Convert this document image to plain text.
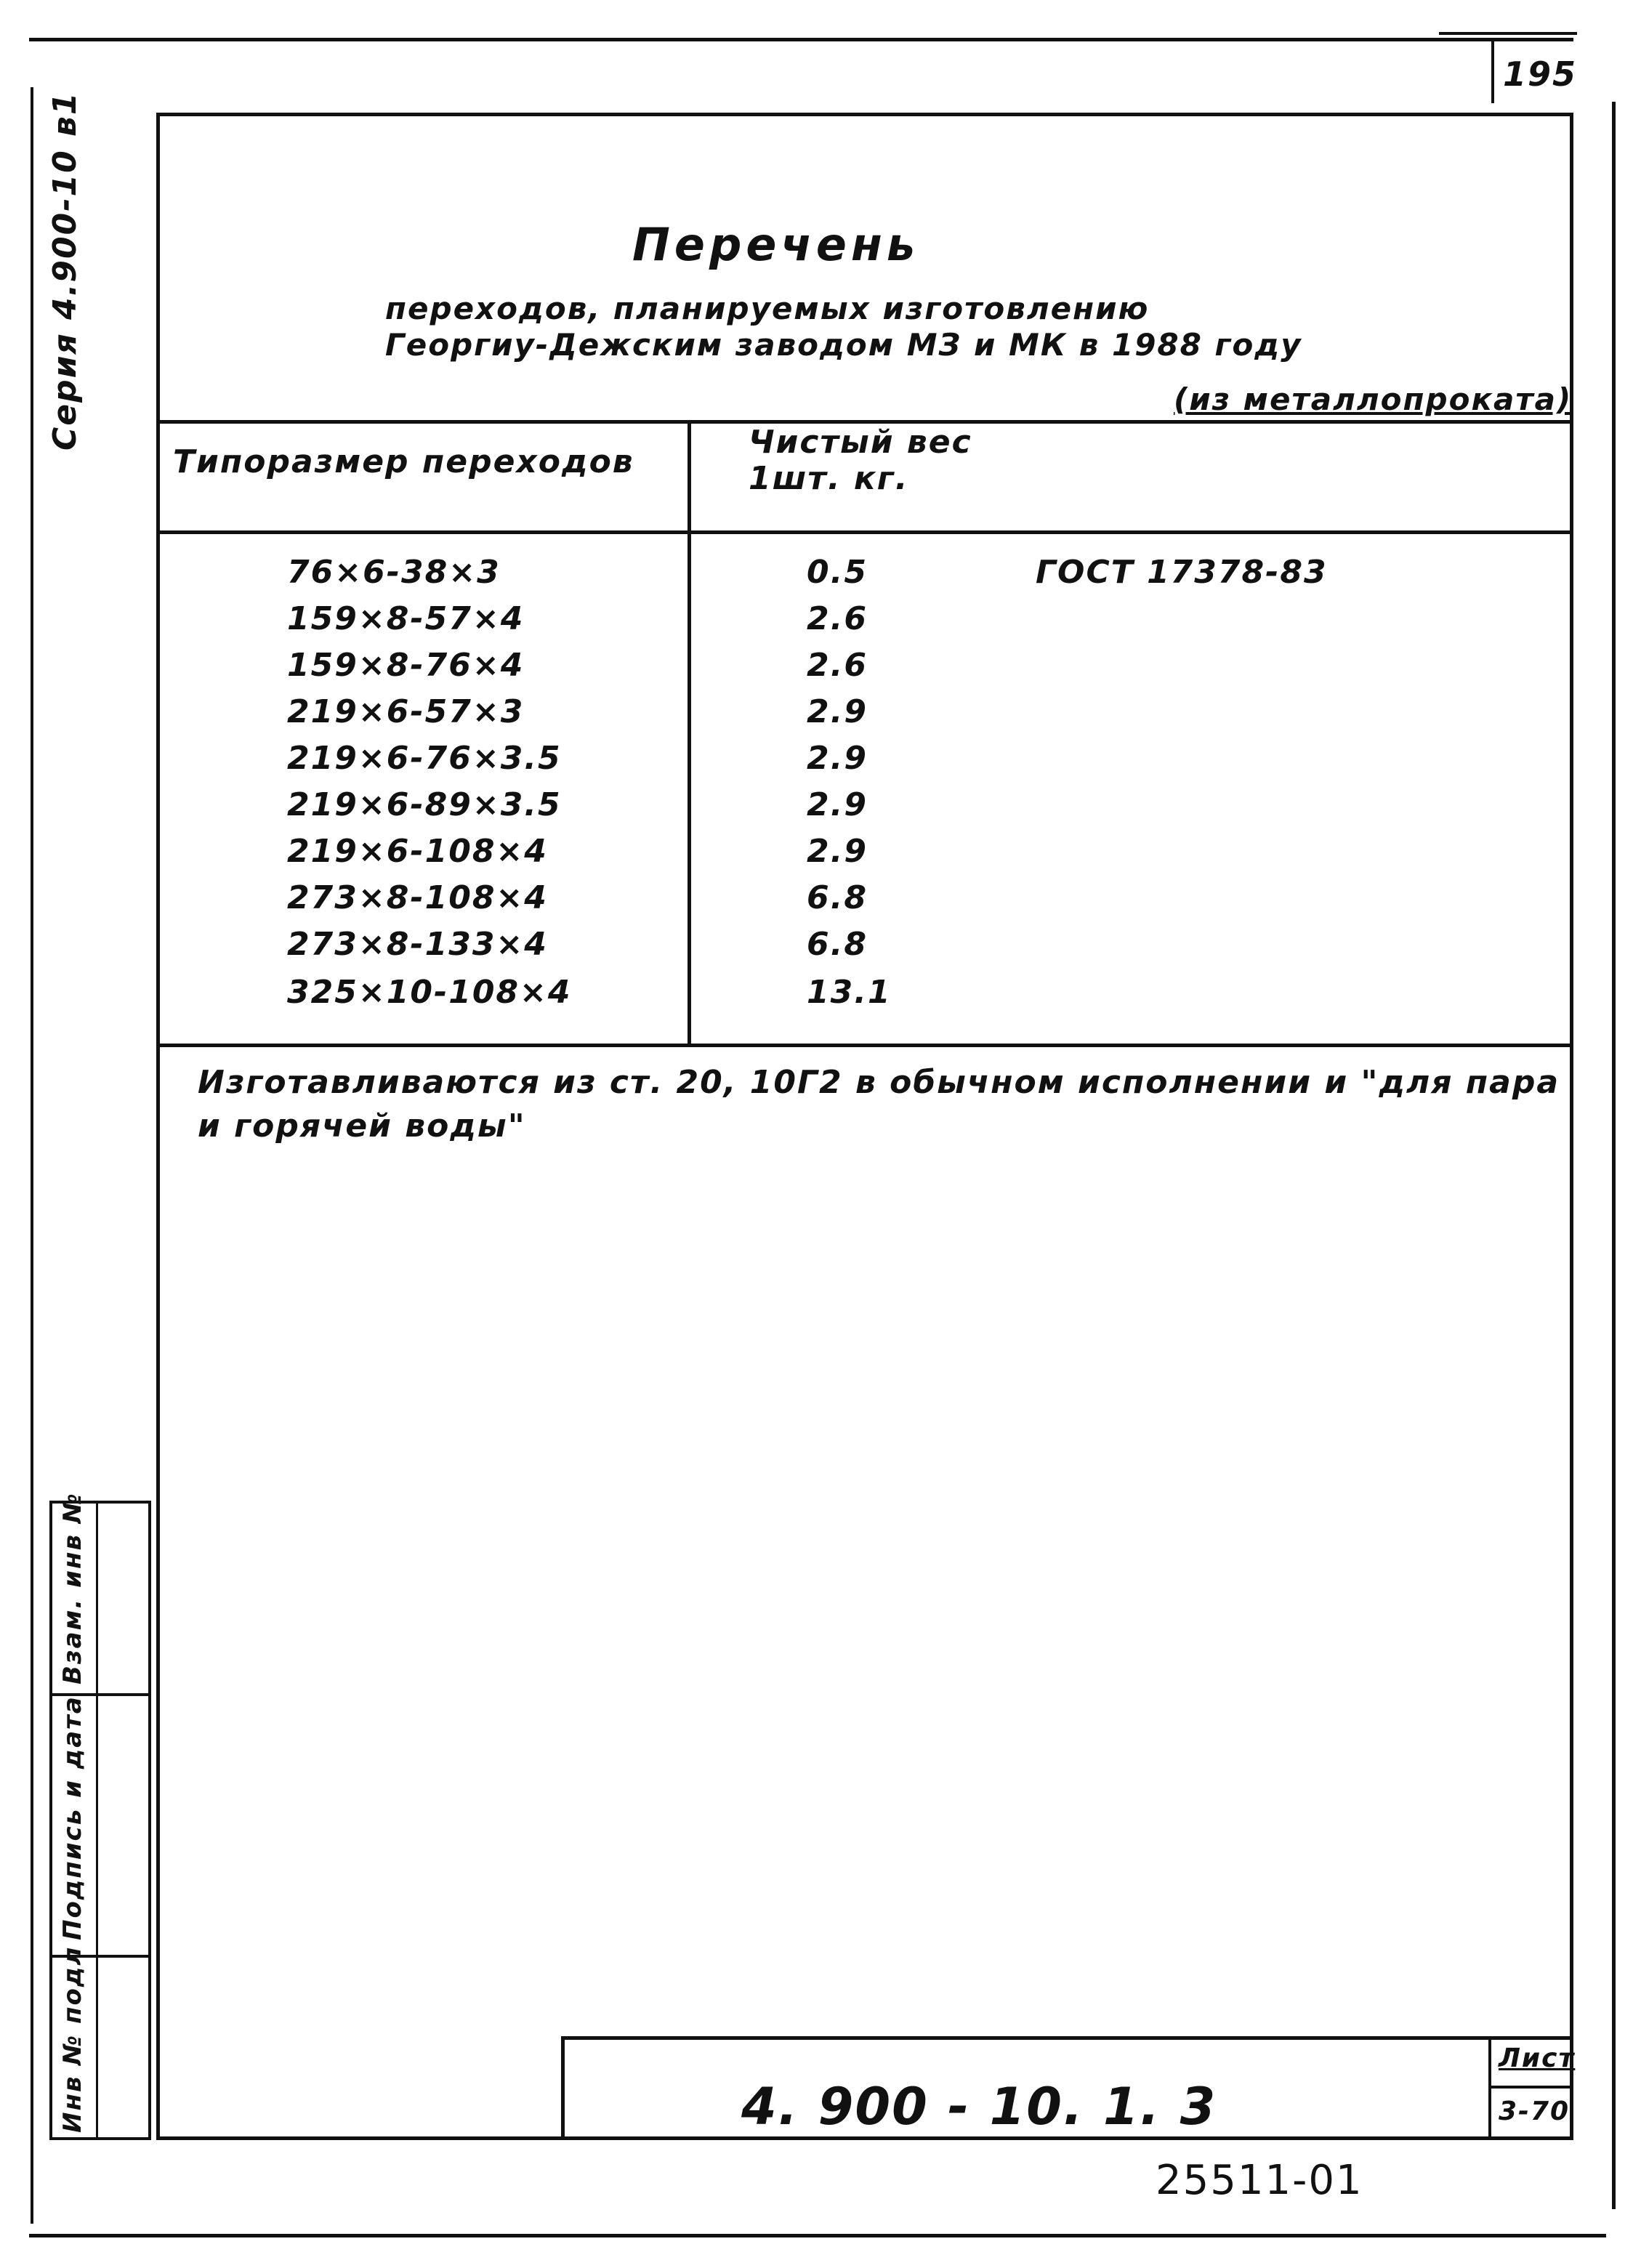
195
Серия 4.900-10 в1	Перечень
переходов, планируемых изготовлению
Георгиу-Дежским заводом МЗ и МК в 1988 году
(из металлопроката)
Типоразмер переходов
Чистый вес
1шт. кг.
76×6-38×3	0.5	ГОСТ 17378-83
159×8-57×4	2.6
159×8-76×4	2.6
219×6-57×3	2.9
219×6-76×3.5	2.9
219×6-89×3.5	2.9
219×6-108×4	2.9
273×8-108×4	6.8
273×8-133×4	6.8
325×10-108×4	13.1
Изготавливаются из ст. 20, 10Г2 в обычном исполнении и "для пара и горячей воды"
Взам. инв №
Подпись и дата
Инв № подл	4. 900 - 10. 1. 3
Лист
3-70
25511-01
